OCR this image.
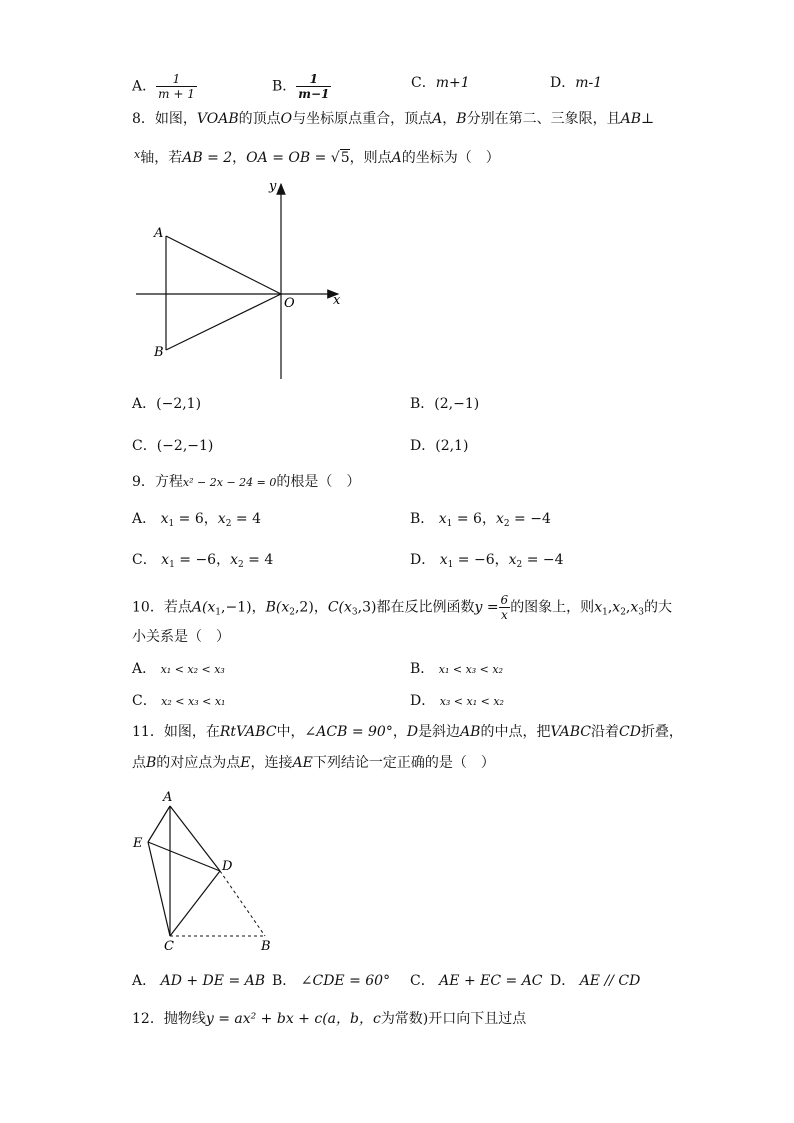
A． $\frac{1}{m + 1}$	B． $\frac{1}{m-1}$	C．m+1	D．m-1
8．如图，VOAB的顶点O与坐标原点重合，顶点A，B分别在第二、三象限，且AB⊥
$^x$轴，若AB = 2，OA = OB = √5，则点A的坐标为（　）
y
x
O
A
B
A．(−2,1)	B．(2,−1)
C．(−2,−1)	D．(2,1)
9．方程x² − 2x − 24 = 0的根是（　）
A． $x_1 = 6$，$x_2 = 4$	B． $x_1 = 6$，$x_2 = -4$
C． $x_1 = -6$，$x_2 = 4$	D． $x_1 = -6$，$x_2 = -4$
10．若点$A(x_1,-1)$，$B(x_2,2)$，$C(x_3,3)$都在反比例函数$y = \frac{6}{x}$ 的图象上，则$x_1,x_2,x_3$的大
小关系是（　）
A． x₁ < x₂ < x₃	B． x₁ < x₃ < x₂
C． x₂ < x₃ < x₁	D． x₃ < x₁ < x₂
11．如图，在RtVABC中，∠ACB = 90°，D是斜边AB的中点，把VABC沿着CD折叠，
点B的对应点为点E，连接AE下列结论一定正确的是（　）
A
E
D
C	B
A． AD + DE = AB B． ∠CDE = 60° C． AE + EC = AC D． AE // CD
12．抛物线y = ax² + bx + c(a，b，c为常数)开口向下且过点
